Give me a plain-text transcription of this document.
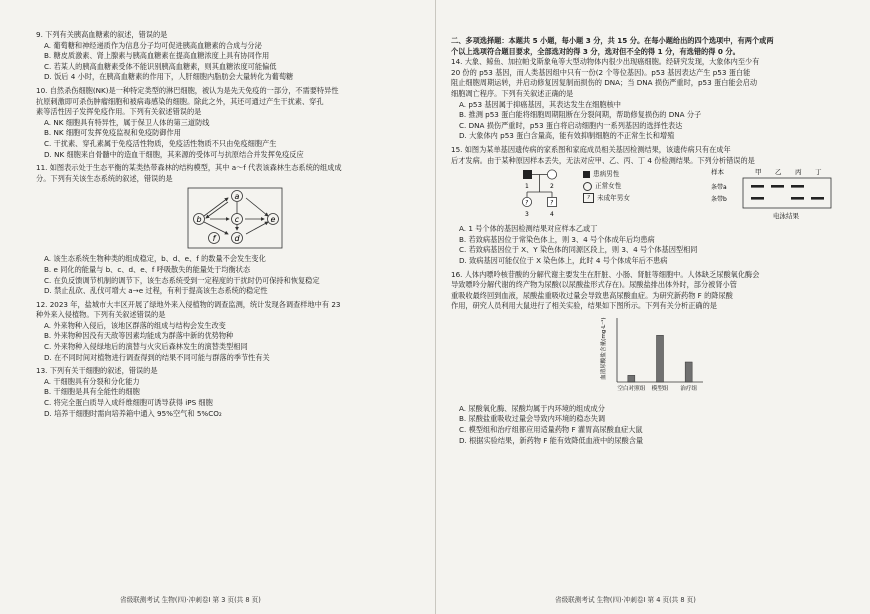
9. 下列有关胰高血糖素的叙述，错误的是

A. 葡萄糖和神经递质作为信息分子均可促进胰高血糖素的合成与分泌

B. 糖皮质激素、肾上腺素与胰高血糖素在提高血糖浓度上具有协同作用

C. 若某人的胰高血糖素受体不能识别胰高血糖素，则其血糖浓度可能偏低

D. 饭后 4 小时，在胰高血糖素的作用下，人肝细胞内脂肪会大量转化为葡萄糖

10. 自然杀伤细胞(NK)是一种特定类型的淋巴细胞，被认为是先天免疫的一部分，不需要特异性

抗原刺激即可杀伤肿瘤细胞和被病毒感染的细胞。除此之外，其还可通过产生干扰素、穿孔

素等活性因子发挥免疫作用。下列有关叙述错误的是

A. NK 细胞具有特异性，属于保卫人体的第三道防线

B. NK 细胞可发挥免疫监视和免疫防御作用

C. 干扰素、穿孔素属于免疫活性物质，免疫活性物质不只由免疫细胞产生

D. NK 细胞来自骨髓中的造血干细胞，其来源的受体可与抗原结合并发挥免疫反应

11. 如图表示处于生态平衡的某类热带森林的结构模型，其中 a～f 代表该森林生态系统的组成成

分。下列有关该生态系统的叙述，错误的是

a
b	c
d
e
f

A. 该生态系统生物种类的组成稳定，b、d、e、f 的数量不会发生变化

B. e 同化的能量与 b、c、d、e、f 呼吸散失的能量处于均衡状态

C. 在负反馈调节机制的调节下，该生态系统受到一定程度的干扰时仍可保持和恢复稳定

D. 禁止乱砍、乱伐可增大 a→e 过程，有利于提高该生态系统的稳定性

12. 2023 年，盐城市大丰区开展了绿地外来入侵植物的调查监测，统计发现各调查样地中有 23

种外来入侵植物。下列有关叙述错误的是

A. 外来物种入侵后，该地区群落的组成与结构会发生改变

B. 外来物种因没有天敌等因素均能成为群落中新的优势物种

C. 外来物种入侵绿地后的演替与火灾后森林发生的演替类型相同

D. 在不同时间对植物进行调查得到的结果不同可能与群落的季节性有关

13. 下列有关干细胞的叙述，错误的是

A. 干细胞具有分裂和分化能力

B. 干细胞是具有全能性的细胞

C. 将完全蛋白质导入成纤维细胞可诱导获得 iPS 细胞

D. 培养干细胞时需向培养箱中通入 95%空气和 5%CO₂

省级联测考试 生物(四)·冲刺卷Ⅰ 第 3 页(共 8 页)

二、多项选择题：本题共 5 小题，每小题 3 分，共 15 分。在每小题给出的四个选项中，有两个或两

个以上选项符合题目要求，全部选对的得 3 分，选对但不全的得 1 分，有选错的得 0 分。

14. 大象、鲸鱼、加拉帕戈斯象龟等大型动物体内很少出现癌细胞。经研究发现，大象体内至少有

20 份的 p53 基因，而人类基因组中只有一份(2 个等位基因)。p53 基因表达产生 p53 蛋白能

阻止细胞周期运转，并启动修复因复制而损伤的 DNA；当 DNA 损伤严重时，p53 蛋白能会启动

细胞凋亡程序。下列有关叙述正确的是

A. p53 基因属于抑癌基因，其表达发生在细胞核中

B. 推测 p53 蛋白能将细胞周期阻断在分裂间期，帮助修复损伤的 DNA 分子

C. DNA 损伤严重时，p53 蛋白将启动细胞内一系列基因的选择性表达

D. 大象体内 p53 蛋白含量高，能有效抑制细胞的不正常生长和增殖

15. 如图为某单基因遗传病的家系图和家庭成员相关基因检测结果，该遗传病只有在成年

后才发病。由于某种原因样本丢失，无法对应甲、乙、丙、丁 4 份检测结果。下列分析错误的是

1	2
?	?
3	4
患病男性
正常女性
? 未成年男女
样本	甲 乙 丙 丁
条带a
条带b
电泳结果

A. 1 号个体的基因检测结果对应样本乙或丁

B. 若致病基因位于常染色体上，则 3、4 号个体成年后均患病

C. 若致病基因位于 X、Y 染色体的同源区段上，则 3、4 号个体基因型相同

D. 致病基因可能仅位于 X 染色体上，此时 4 号个体成年后不患病

16. 人体内嘌呤核苷酸的分解代谢主要发生在肝脏、小肠、肾脏等细胞中。人体缺乏尿酸氧化酶会

导致嘌呤分解代谢的终产物为尿酸(以尿酸盐形式存在)。尿酸盐排出体外时，部分被肾小管

重吸收最终回到血液，尿酸盐重吸收过量会导致患高尿酸血症。为研究新药物 F 的降尿酸

作用，研究人员利用大鼠进行了相关实验，结果如下图所示。下列有关分析正确的是

血清尿酸盐含量(mg·L⁻¹)
空白对照组 模型组 治疗组

A. 尿酸氧化酶、尿酸均属于内环境的组成成分

B. 尿酸盐重吸收过量会导致内环境的稳态失调

C. 模型组和治疗组都应用适量药物 F 灌胃高尿酸血症大鼠

D. 根据实验结果，新药物 F 能有效降低血液中的尿酸含量

省级联测考试 生物(四)·冲刺卷Ⅰ 第 4 页(共 8 页)
